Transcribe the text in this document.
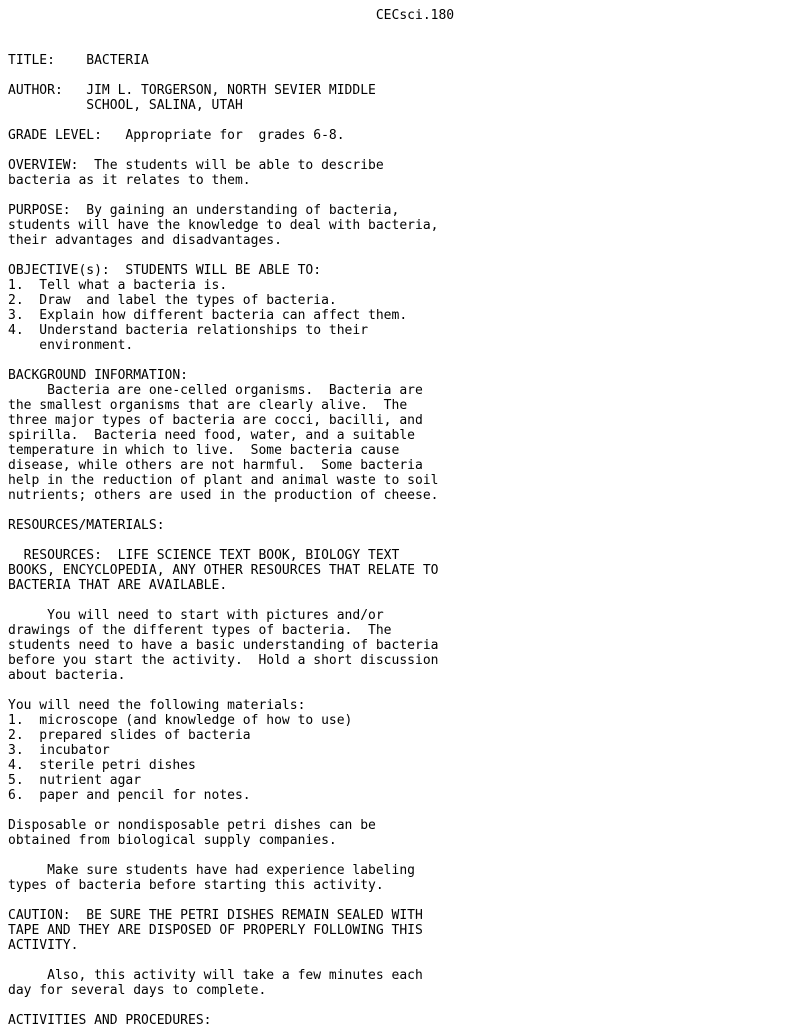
CECsci.180

TITLE:    BACTERIA

AUTHOR:   JIM L. TORGERSON, NORTH SEVIER MIDDLE
SCHOOL, SALINA, UTAH

GRADE LEVEL:   Appropriate for  grades 6-8.

OVERVIEW:  The students will be able to describe
bacteria as it relates to them.

PURPOSE:  By gaining an understanding of bacteria,
students will have the knowledge to deal with bacteria,
their advantages and disadvantages.

OBJECTIVE(s):  STUDENTS WILL BE ABLE TO:
1.  Tell what a bacteria is.
2.  Draw  and label the types of bacteria.
3.  Explain how different bacteria can affect them.
4.  Understand bacteria relationships to their
environment.

BACKGROUND INFORMATION:
Bacteria are one-celled organisms.  Bacteria are
the smallest organisms that are clearly alive.  The
three major types of bacteria are cocci, bacilli, and
spirilla.  Bacteria need food, water, and a suitable
temperature in which to live.  Some bacteria cause
disease, while others are not harmful.  Some bacteria
help in the reduction of plant and animal waste to soil
nutrients; others are used in the production of cheese.

RESOURCES/MATERIALS:

RESOURCES:  LIFE SCIENCE TEXT BOOK, BIOLOGY TEXT
BOOKS, ENCYCLOPEDIA, ANY OTHER RESOURCES THAT RELATE TO
BACTERIA THAT ARE AVAILABLE.

You will need to start with pictures and/or
drawings of the different types of bacteria.  The
students need to have a basic understanding of bacteria
before you start the activity.  Hold a short discussion
about bacteria.

You will need the following materials:
1.  microscope (and knowledge of how to use)
2.  prepared slides of bacteria
3.  incubator
4.  sterile petri dishes
5.  nutrient agar
6.  paper and pencil for notes.

Disposable or nondisposable petri dishes can be
obtained from biological supply companies.

Make sure students have had experience labeling
types of bacteria before starting this activity.

CAUTION:  BE SURE THE PETRI DISHES REMAIN SEALED WITH
TAPE AND THEY ARE DISPOSED OF PROPERLY FOLLOWING THIS
ACTIVITY.

Also, this activity will take a few minutes each
day for several days to complete.

ACTIVITIES AND PROCEDURES:
